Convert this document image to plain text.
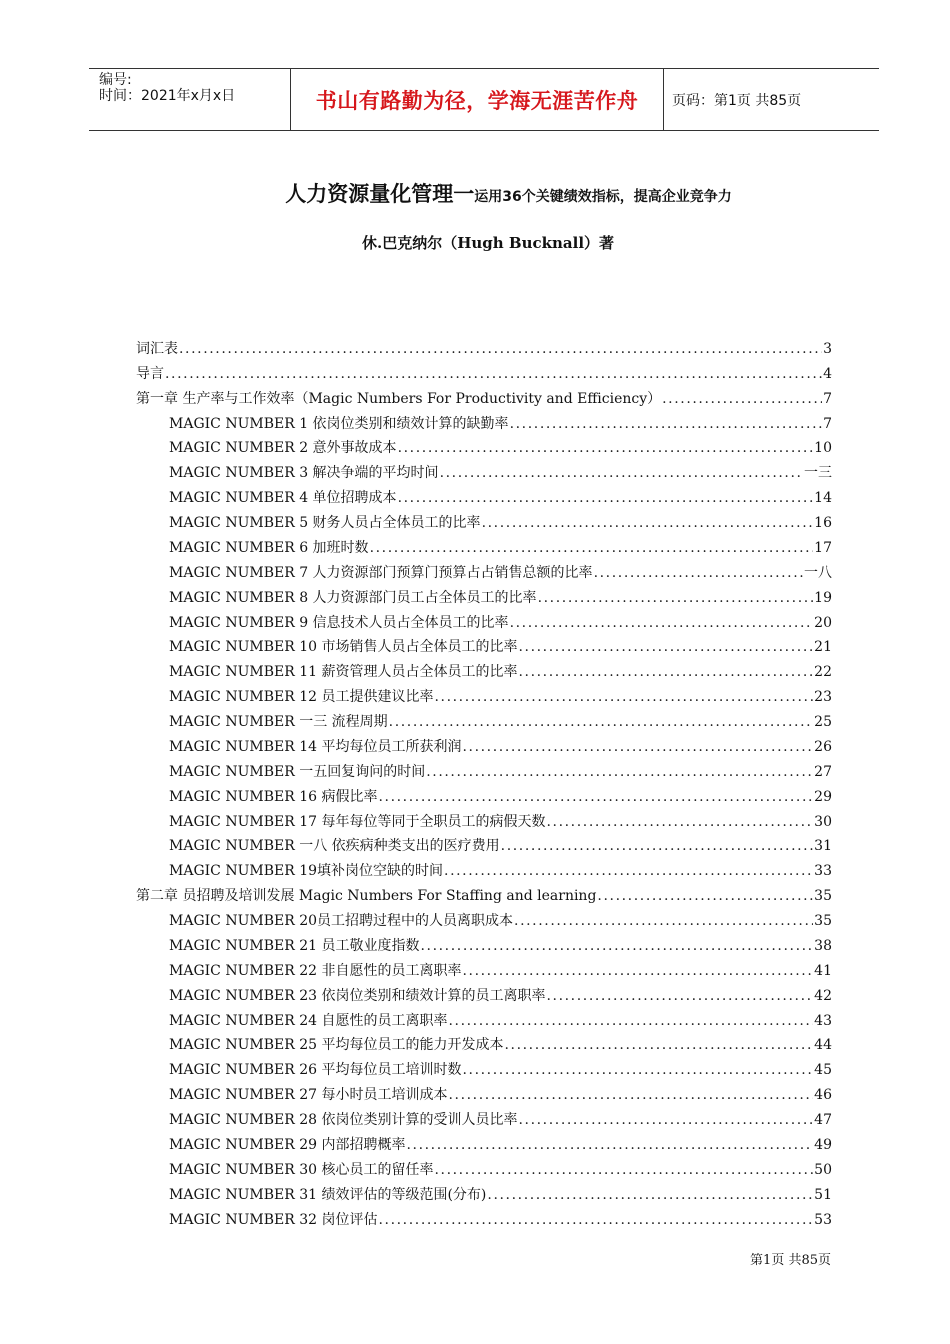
编号:
时间：2021年x月x日	书山有路勤为径，学海无涯苦作舟	页码：第1页 共85页
人力资源量化管理一运用36个关键绩效指标，提高企业竞争力
休.巴克纳尔（Hugh Bucknall）著
词汇表 .....	3
导言 .....	4
第一章 生产率与工作效率（Magic Numbers For Productivity and Efficiency） .....	7
MAGIC NUMBER 1 依岗位类别和绩效计算的缺勤率 .....	7
MAGIC NUMBER 2 意外事故成本 .....	10
MAGIC NUMBER 3 解决争端的平均时间 .....	一三
MAGIC NUMBER 4 单位招聘成本 .....	14
MAGIC NUMBER 5 财务人员占全体员工的比率 .....	16
MAGIC NUMBER 6 加班时数 .....	17
MAGIC NUMBER 7 人力资源部门预算门预算占占销售总额的比率 .....	一八
MAGIC NUMBER 8 人力资源部门员工占全体员工的比率 .....	19
MAGIC NUMBER 9 信息技术人员占全体员工的比率 .....	20
MAGIC NUMBER 10 市场销售人员占全体员工的比率 .....	21
MAGIC NUMBER 11 薪资管理人员占全体员工的比率 .....	22
MAGIC NUMBER 12 员工提供建议比率 .....	23
MAGIC NUMBER 一三 流程周期 .....	25
MAGIC NUMBER 14 平均每位员工所获利润 .....	26
MAGIC NUMBER 一五回复询问的时间 .....	27
MAGIC NUMBER 16 病假比率 .....	29
MAGIC NUMBER 17 每年每位等同于全职员工的病假天数 .....	30
MAGIC NUMBER 一八 依疾病种类支出的医疗费用 .....	31
MAGIC NUMBER 19填补岗位空缺的时间 .....	33
第二章 员招聘及培训发展 Magic Numbers For Staffing and learning .....	35
MAGIC NUMBER 20员工招聘过程中的人员离职成本 .....	35
MAGIC NUMBER 21 员工敬业度指数 .....	38
MAGIC NUMBER 22 非自愿性的员工离职率 .....	41
MAGIC NUMBER 23 依岗位类别和绩效计算的员工离职率 .....	42
MAGIC NUMBER 24 自愿性的员工离职率 .....	43
MAGIC NUMBER 25 平均每位员工的能力开发成本 .....	44
MAGIC NUMBER 26 平均每位员工培训时数 .....	45
MAGIC NUMBER 27 每小时员工培训成本 .....	46
MAGIC NUMBER 28 依岗位类别计算的受训人员比率 .....	47
MAGIC NUMBER 29 内部招聘概率 .....	49
MAGIC NUMBER 30 核心员工的留任率 .....	50
MAGIC NUMBER 31 绩效评估的等级范围(分布) .....	51
MAGIC NUMBER 32 岗位评估 .....	53
第1页 共85页
